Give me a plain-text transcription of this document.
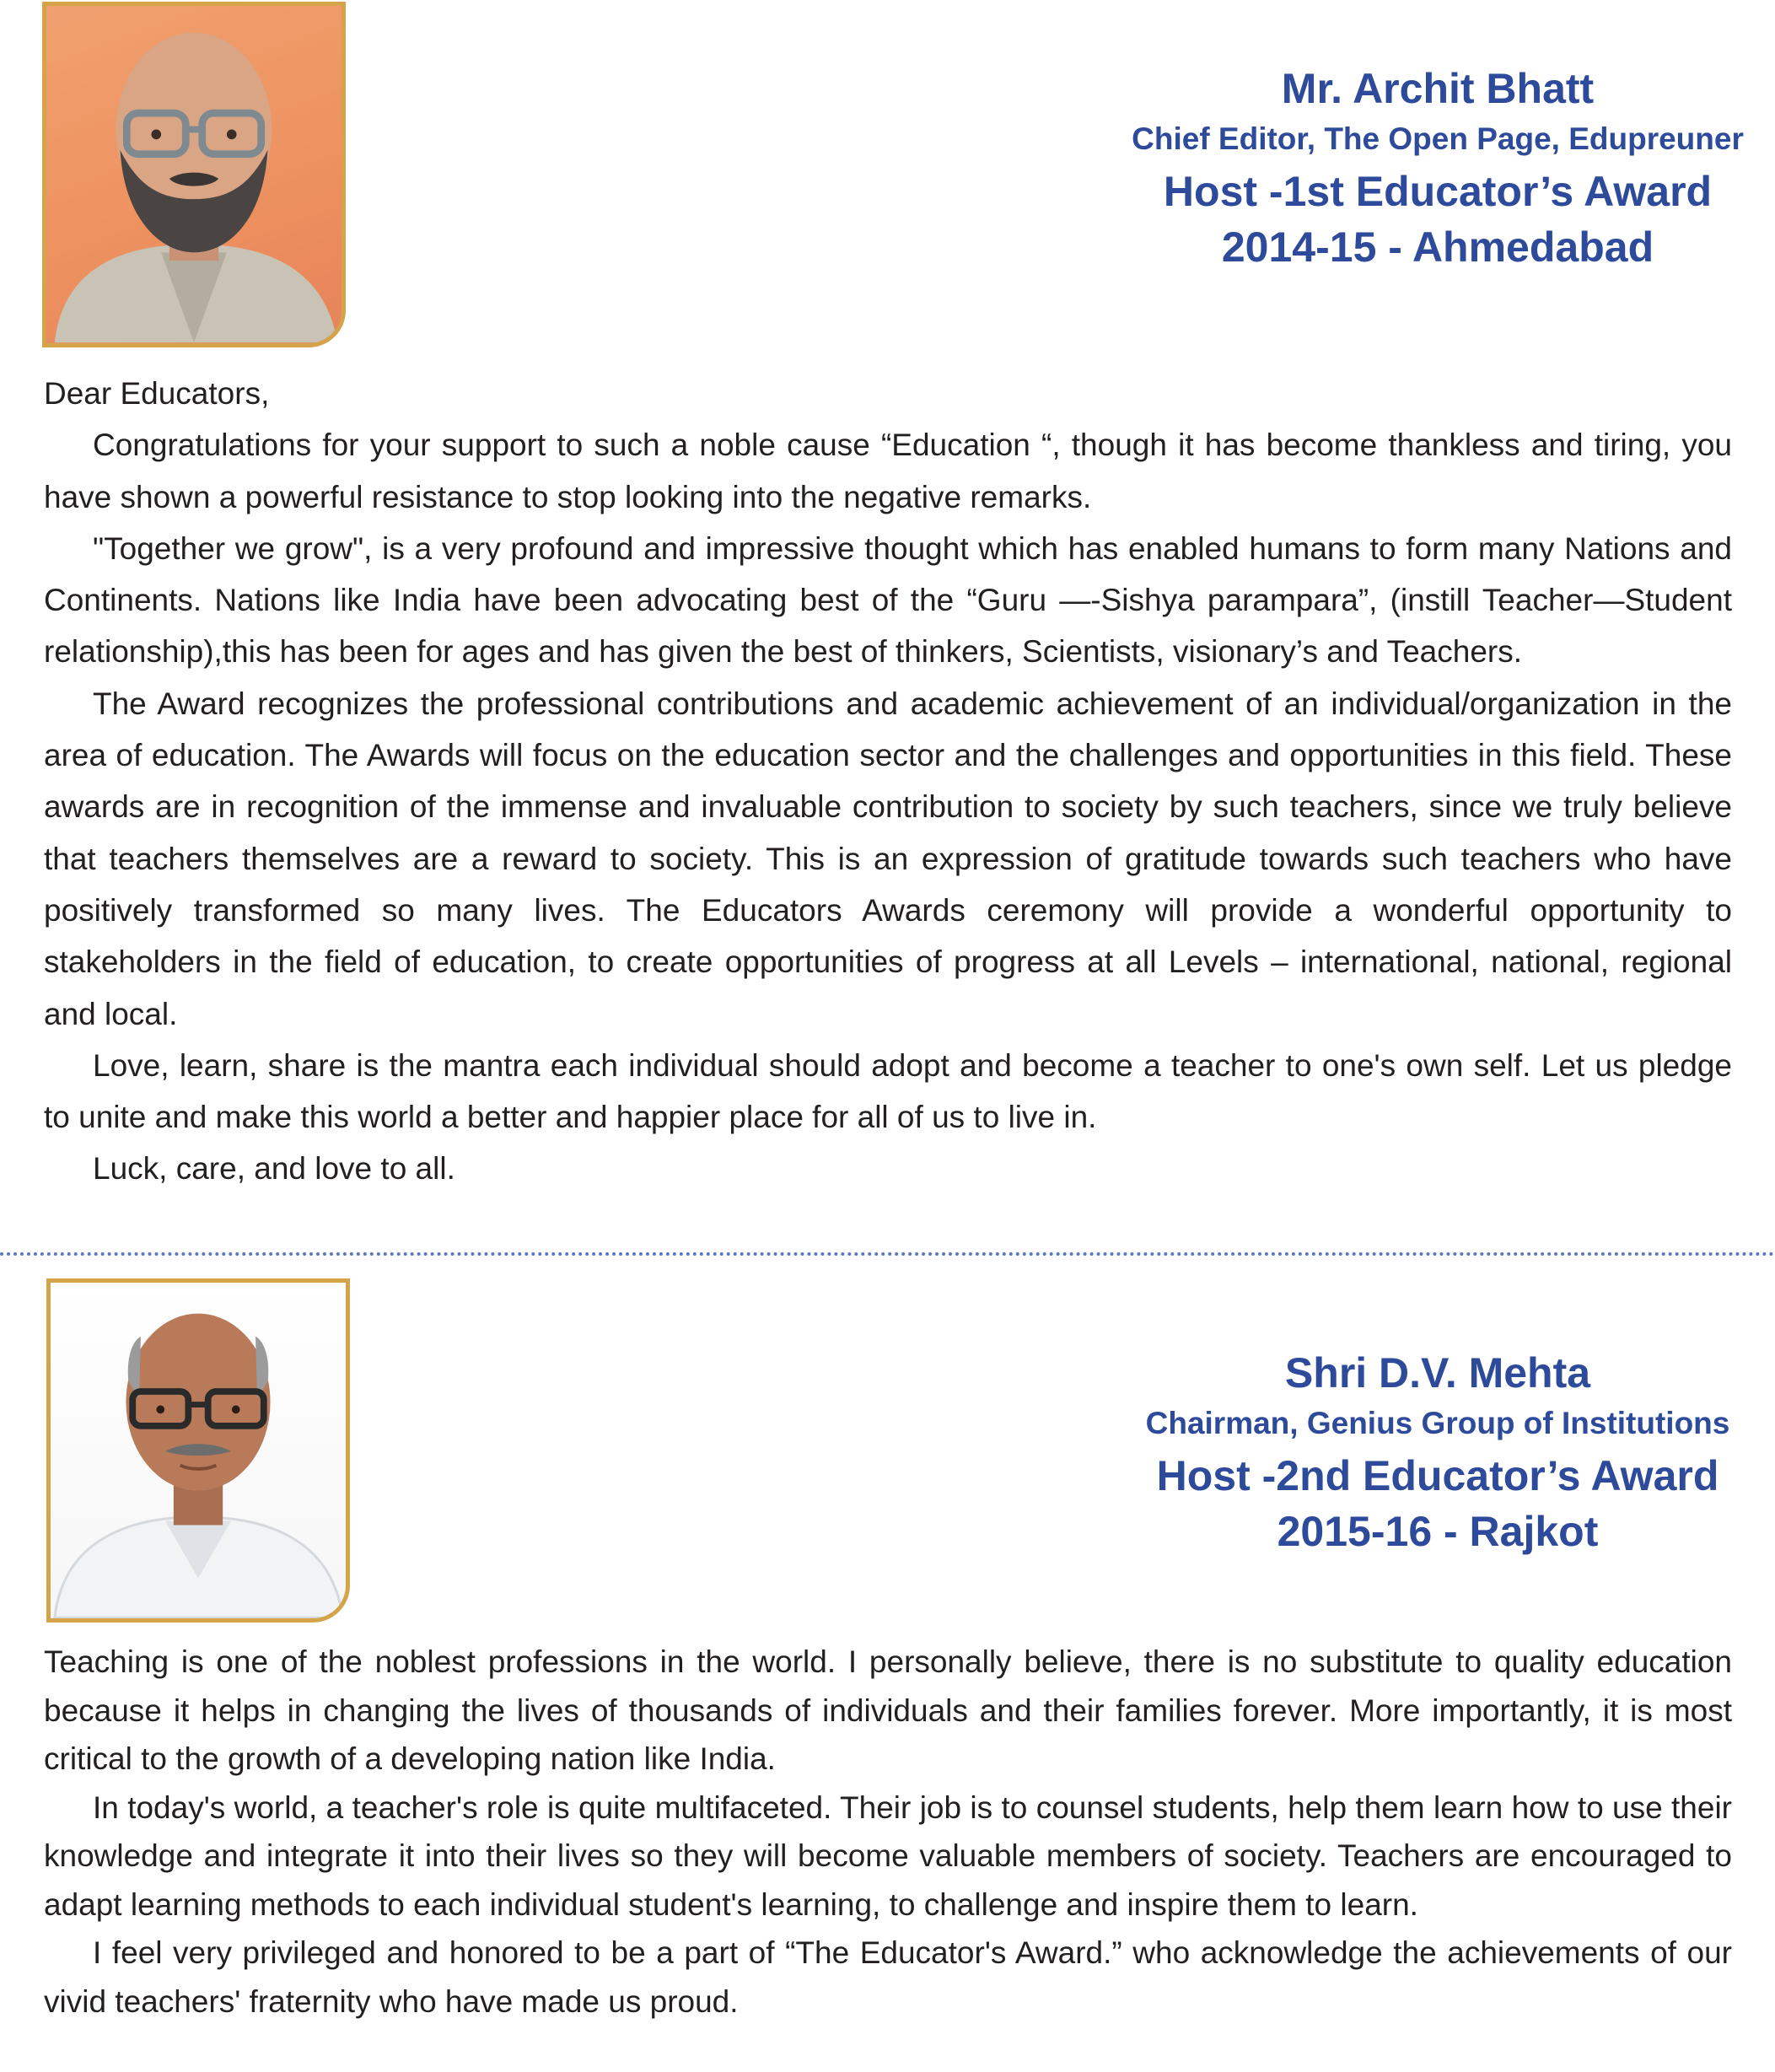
Mr. Archit Bhatt
Chief Editor, The Open Page, Edupreuner
Host -1st Educator’s Award
2014-15 - Ahmedabad

Dear Educators,

Congratulations for your support to such a noble cause “Education “, though it has become thankless and tiring, you have shown a powerful resistance to stop looking into the negative remarks.

"Together we grow", is a very profound and impressive thought which has enabled humans to form many Nations and Continents. Nations like India have been advocating best of the “Guru —-Sishya parampara”, (instill Teacher—Student relationship),this has been for ages and has given the best of thinkers, Scientists, visionary’s and Teachers.

The Award recognizes the professional contributions and academic achievement of an individual/organization in the area of education. The Awards will focus on the education sector and the challenges and opportunities in this field. These awards are in recognition of the immense and invaluable contribution to society by such teachers, since we truly believe that teachers themselves are a reward to society. This is an expression of gratitude towards such teachers who have positively transformed so many lives. The Educators Awards ceremony will provide a wonderful opportunity to stakeholders in the field of education, to create opportunities of progress at all Levels – international, national, regional and local.

Love, learn, share is the mantra each individual should adopt and become a teacher to one's own self. Let us pledge to unite and make this world a better and happier place for all of us to live in.

Luck, care, and love to all.

Shri D.V. Mehta
Chairman, Genius Group of Institutions
Host -2nd Educator’s Award
2015-16 - Rajkot

Teaching is one of the noblest professions in the world. I personally believe, there is no substitute to quality education because it helps in changing the lives of thousands of individuals and their families forever. More importantly, it is most critical to the growth of a developing nation like India.

In today's world, a teacher's role is quite multifaceted. Their job is to counsel students, help them learn how to use their knowledge and integrate it into their lives so they will become valuable members of society. Teachers are encouraged to adapt learning methods to each individual student's learning, to challenge and inspire them to learn.

I feel very privileged and honored to be a part of “The Educator's Award.” who acknowledge the achievements of our vivid teachers' fraternity who have made us proud.
